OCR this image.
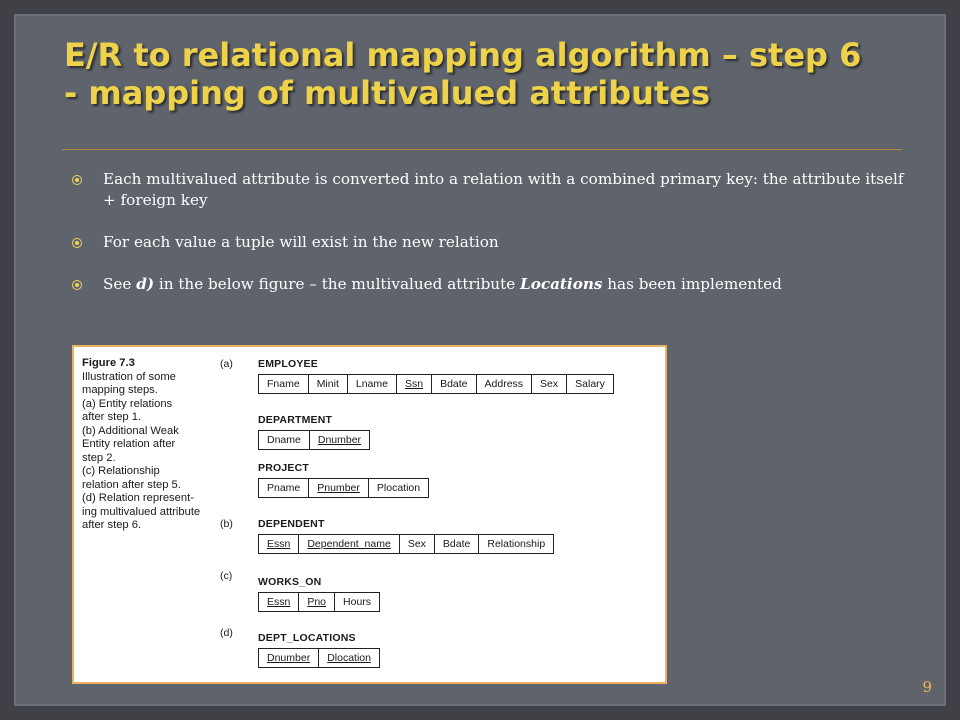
E/R to relational mapping algorithm – step 6
- mapping of multivalued attributes
Each multivalued attribute is converted into a relation with a combined primary key: the attribute itself + foreign key
For each value a tuple will exist in the new relation
See d) in the below figure – the multivalued attribute Locations has been implemented
Figure 7.3
Illustration of some
mapping steps.
(a) Entity relations
after step 1.
(b) Additional Weak
Entity relation after
step 2.
(c) Relationship
relation after step 5.
(d) Relation represent-
ing multivalued attribute
after step 6.
(a)
(b)
(c)
(d)
EMPLOYEE
Fname	Minit	Lname	Ssn	Bdate	Address	Sex	Salary
DEPARTMENT
Dname	Dnumber
PROJECT
Pname	Pnumber	Plocation
DEPENDENT
Essn	Dependent_name	Sex	Bdate	Relationship
WORKS_ON
Essn	Pno	Hours
DEPT_LOCATIONS
Dnumber	Dlocation
9
